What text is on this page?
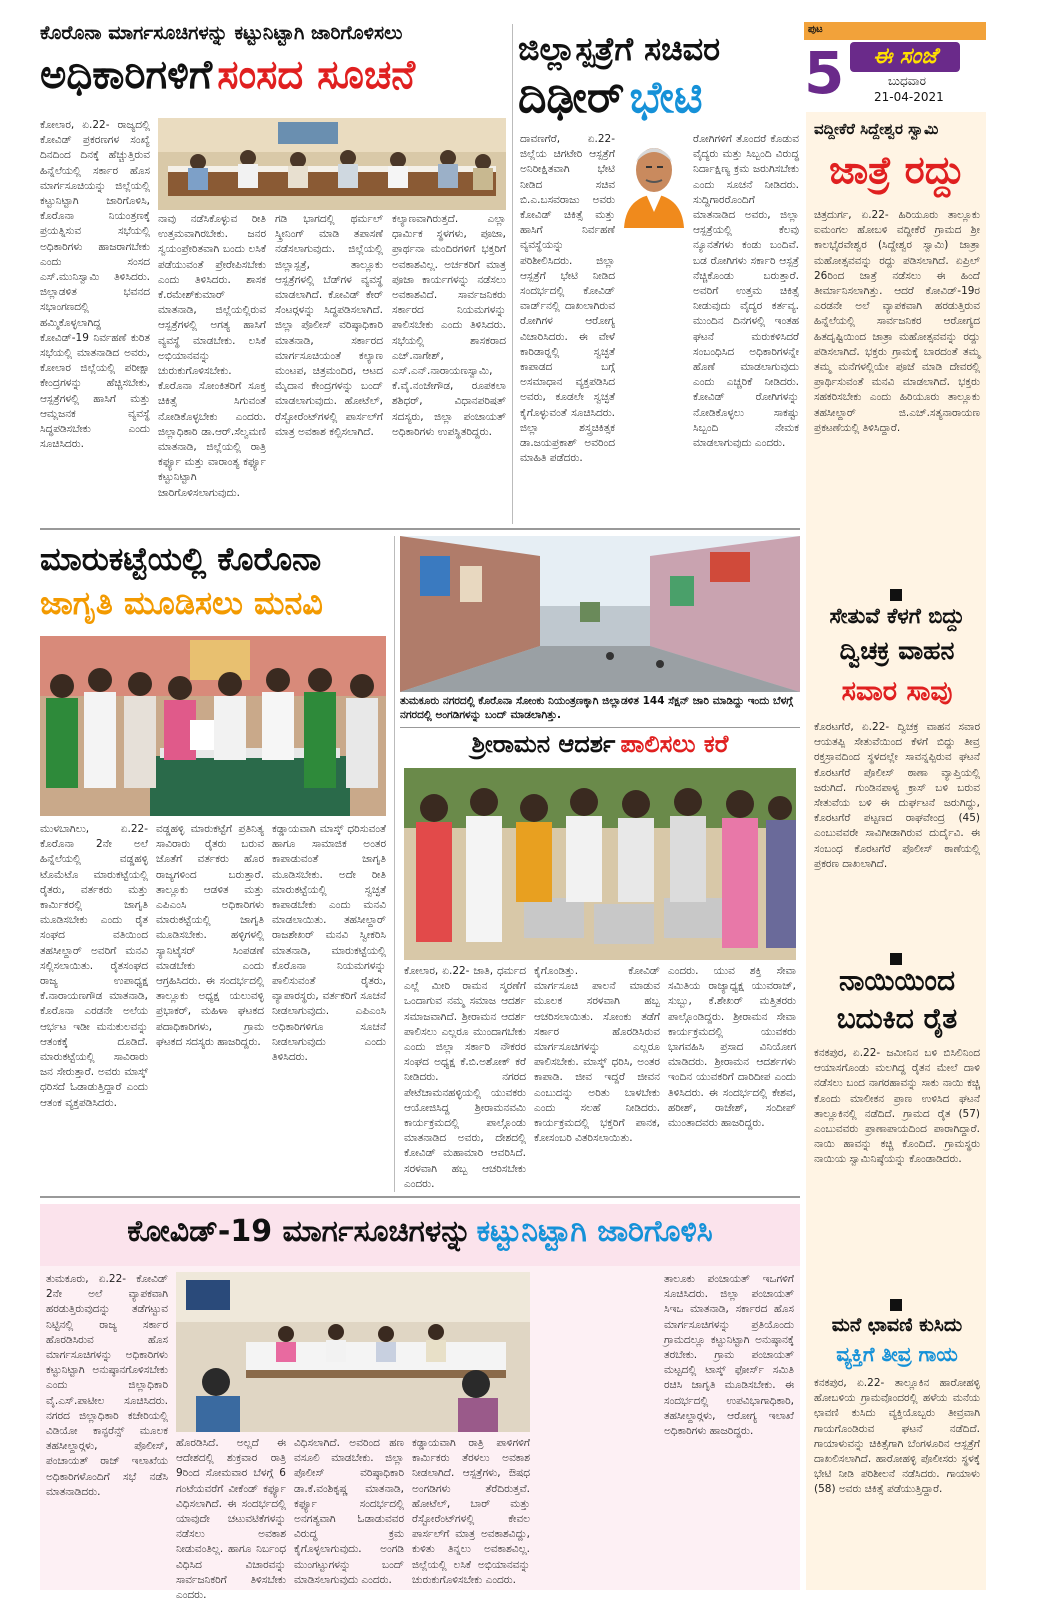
ಕೊರೊನಾ ಮಾರ್ಗಸೂಚಿಗಳನ್ನು ಕಟ್ಟುನಿಟ್ಟಾಗಿ ಜಾರಿಗೊಳಿಸಲು
ಅಧಿಕಾರಿಗಳಿಗೆ ಸಂಸದ ಸೂಚನೆ
ಕೋಲಾರ, ಏ.22- ರಾಜ್ಯದಲ್ಲಿ ಕೋವಿಡ್ ಪ್ರಕರಣಗಳ ಸಂಖ್ಯೆ ದಿನದಿಂದ ದಿನಕ್ಕೆ ಹೆಚ್ಚುತ್ತಿರುವ ಹಿನ್ನೆಲೆಯಲ್ಲಿ ಸರ್ಕಾರ ಹೊಸ ಮಾರ್ಗಸೂಚಿಯನ್ನು ಜಿಲ್ಲೆಯಲ್ಲಿ ಕಟ್ಟುನಿಟ್ಟಾಗಿ ಜಾರಿಗೊಳಿಸಿ, ಕೊರೊನಾ ನಿಯಂತ್ರಣಕ್ಕೆ ಪ್ರಯತ್ನಿಸುವ ಸಭೆಯಲ್ಲಿ ಅಧಿಕಾರಿಗಳು ಹಾಜರಾಗಬೇಕು ಎಂದು ಸಂಸದ ಎಸ್.ಮುನಿಸ್ವಾಮಿ ತಿಳಿಸಿದರು. ಜಿಲ್ಲಾಡಳಿತ ಭವನದ ಸಭಾಂಗಣದಲ್ಲಿ ಹಮ್ಮಿಕೊಳ್ಳಲಾಗಿದ್ದ ಕೋವಿಡ್-19 ನಿರ್ವಹಣೆ ಕುರಿತ ಸಭೆಯಲ್ಲಿ ಮಾತನಾಡಿದ ಅವರು, ಕೋಲಾರ ಜಿಲ್ಲೆಯಲ್ಲಿ ಪರೀಕ್ಷಾ ಕೇಂದ್ರಗಳನ್ನು ಹೆಚ್ಚಿಸಬೇಕು, ಆಸ್ಪತ್ರೆಗಳಲ್ಲಿ ಹಾಸಿಗೆ ಮತ್ತು ಆಮ್ಲಜನಕ ವ್ಯವಸ್ಥೆ ಸಿದ್ಧಪಡಿಸಬೇಕು ಎಂದು ಸೂಚಿಸಿದರು.
ನಾವು ನಡೆಸಿಕೊಳ್ಳುವ ರೀತಿ ಉತ್ತಮವಾಗಿರಬೇಕು. ಜನರ ಸ್ವಯಂಪ್ರೇರಿತವಾಗಿ ಬಂದು ಲಸಿಕೆ ಪಡೆಯುವಂತೆ ಪ್ರೇರೇಪಿಸಬೇಕು ಎಂದು ತಿಳಿಸಿದರು. ಶಾಸಕ ಕೆ.ರಮೇಶ್‍ಕುಮಾರ್ ಮಾತನಾಡಿ, ಜಿಲ್ಲೆಯಲ್ಲಿರುವ ಆಸ್ಪತ್ರೆಗಳಲ್ಲಿ ಅಗತ್ಯ ಹಾಸಿಗೆ ವ್ಯವಸ್ಥೆ ಮಾಡಬೇಕು. ಲಸಿಕೆ ಅಭಿಯಾನವನ್ನು ಚುರುಕುಗೊಳಿಸಬೇಕು. ಕೊರೊನಾ ಸೋಂಕಿತರಿಗೆ ಸೂಕ್ತ ಚಿಕಿತ್ಸೆ ಸಿಗುವಂತೆ ನೋಡಿಕೊಳ್ಳಬೇಕು ಎಂದರು. ಜಿಲ್ಲಾಧಿಕಾರಿ ಡಾ.ಆರ್.ಸೆಲ್ವಮಣಿ ಮಾತನಾಡಿ, ಜಿಲ್ಲೆಯಲ್ಲಿ ರಾತ್ರಿ ಕರ್ಫ್ಯೂ ಮತ್ತು ವಾರಾಂತ್ಯ ಕರ್ಫ್ಯೂ ಕಟ್ಟುನಿಟ್ಟಾಗಿ ಜಾರಿಗೊಳಿಸಲಾಗುವುದು.
ಗಡಿ ಭಾಗದಲ್ಲಿ ಥರ್ಮಲ್ ಸ್ಕ್ರೀನಿಂಗ್ ಮಾಡಿ ತಪಾಸಣೆ ನಡೆಸಲಾಗುವುದು. ಜಿಲ್ಲೆಯಲ್ಲಿ ಜಿಲ್ಲಾಸ್ಪತ್ರೆ, ತಾಲ್ಲೂಕು ಆಸ್ಪತ್ರೆಗಳಲ್ಲಿ ಬೆಡ್‍ಗಳ ವ್ಯವಸ್ಥೆ ಮಾಡಲಾಗಿದೆ. ಕೋವಿಡ್ ಕೇರ್ ಸೆಂಟರ್‍ಗಳನ್ನು ಸಿದ್ಧಪಡಿಸಲಾಗಿದೆ. ಜಿಲ್ಲಾ ಪೊಲೀಸ್ ವರಿಷ್ಠಾಧಿಕಾರಿ ಮಾತನಾಡಿ, ಸರ್ಕಾರದ ಮಾರ್ಗಸೂಚಿಯಂತೆ ಕಲ್ಯಾಣ ಮಂಟಪ, ಚಿತ್ರಮಂದಿರ, ಆಟದ ಮೈದಾನ ಕೇಂದ್ರಗಳನ್ನು ಬಂದ್ ಮಾಡಲಾಗುವುದು. ಹೋಟೆಲ್, ರೆಸ್ಟೋರೆಂಟ್‍ಗಳಲ್ಲಿ ಪಾರ್ಸಲ್‍ಗೆ ಮಾತ್ರ ಅವಕಾಶ ಕಲ್ಪಿಸಲಾಗಿದೆ.
ಕಲ್ಯಾಣವಾಗಿರುತ್ತದೆ. ಎಲ್ಲಾ ಧಾರ್ಮಿಕ ಸ್ಥಳಗಳು, ಪೂಜಾ, ಪ್ರಾರ್ಥನಾ ಮಂದಿರಗಳಿಗೆ ಭಕ್ತರಿಗೆ ಅವಕಾಶವಿಲ್ಲ. ಅರ್ಚಕರಿಗೆ ಮಾತ್ರ ಪೂಜಾ ಕಾರ್ಯಗಳನ್ನು ನಡೆಸಲು ಅವಕಾಶವಿದೆ. ಸಾರ್ವಜನಿಕರು ಸರ್ಕಾರದ ನಿಯಮಗಳನ್ನು ಪಾಲಿಸಬೇಕು ಎಂದು ತಿಳಿಸಿದರು. ಸಭೆಯಲ್ಲಿ ಶಾಸಕರಾದ ಎಚ್.ನಾಗೇಶ್, ಎಸ್.ಎನ್.ನಾರಾಯಣಸ್ವಾಮಿ, ಕೆ.ವೈ.ನಂಜೇಗೌಡ, ರೂಪಕಲಾ ಶಶಿಧರ್, ವಿಧಾನಪರಿಷತ್ ಸದಸ್ಯರು, ಜಿಲ್ಲಾ ಪಂಚಾಯತ್ ಅಧಿಕಾರಿಗಳು ಉಪಸ್ಥಿತರಿದ್ದರು.
ಜಿಲ್ಲಾಸ್ಪತ್ರೆಗೆ ಸಚಿವರ
ದಿಢೀರ್ ಭೇಟಿ
ದಾವಣಗೆರೆ, ಏ.22- ಜಿಲ್ಲೆಯ ಚಿಗಟೇರಿ ಆಸ್ಪತ್ರೆಗೆ ಅನಿರೀಕ್ಷಿತವಾಗಿ ಭೇಟಿ ನೀಡಿದ ಸಚಿವ ಬಿ.ಎ.ಬಸವರಾಜು ಅವರು ಕೋವಿಡ್ ಚಿಕಿತ್ಸೆ ಮತ್ತು ಹಾಸಿಗೆ ನಿರ್ವಹಣೆ ವ್ಯವಸ್ಥೆಯನ್ನು ಪರಿಶೀಲಿಸಿದರು. ಜಿಲ್ಲಾ ಆಸ್ಪತ್ರೆಗೆ ಭೇಟಿ ನೀಡಿದ ಸಂದರ್ಭದಲ್ಲಿ ಕೋವಿಡ್ ವಾರ್ಡ್‍ನಲ್ಲಿ ದಾಖಲಾಗಿರುವ ರೋಗಿಗಳ ಆರೋಗ್ಯ ವಿಚಾರಿಸಿದರು. ಈ ವೇಳೆ ಕಾರಿಡಾರ್‍ನಲ್ಲಿ ಸ್ವಚ್ಛತೆ ಕಾಪಾಡದ ಬಗ್ಗೆ ಅಸಮಾಧಾನ ವ್ಯಕ್ತಪಡಿಸಿದ ಅವರು, ಕೂಡಲೇ ಸ್ವಚ್ಛತೆ ಕೈಗೊಳ್ಳುವಂತೆ ಸೂಚಿಸಿದರು. ಜಿಲ್ಲಾ ಶಸ್ತ್ರಚಿಕಿತ್ಸಕ ಡಾ.ಜಯಪ್ರಕಾಶ್ ಅವರಿಂದ ಮಾಹಿತಿ ಪಡೆದರು.
ರೋಗಿಗಳಿಗೆ ತೊಂದರೆ ಕೊಡುವ ವೈದ್ಯರು ಮತ್ತು ಸಿಬ್ಬಂದಿ ವಿರುದ್ಧ ನಿರ್ದಾಕ್ಷಿಣ್ಯ ಕ್ರಮ ಜರುಗಿಸಬೇಕು ಎಂದು ಸೂಚನೆ ನೀಡಿದರು. ಸುದ್ದಿಗಾರರೊಂದಿಗೆ ಮಾತನಾಡಿದ ಅವರು, ಜಿಲ್ಲಾ ಆಸ್ಪತ್ರೆಯಲ್ಲಿ ಕೆಲವು ನ್ಯೂನತೆಗಳು ಕಂಡು ಬಂದಿವೆ. ಬಡ ರೋಗಿಗಳು ಸರ್ಕಾರಿ ಆಸ್ಪತ್ರೆ ನೆಚ್ಚಿಕೊಂಡು ಬರುತ್ತಾರೆ. ಅವರಿಗೆ ಉತ್ತಮ ಚಿಕಿತ್ಸೆ ನೀಡುವುದು ವೈದ್ಯರ ಕರ್ತವ್ಯ. ಮುಂದಿನ ದಿನಗಳಲ್ಲಿ ಇಂತಹ ಘಟನೆ ಮರುಕಳಿಸಿದರೆ ಸಂಬಂಧಿಸಿದ ಅಧಿಕಾರಿಗಳನ್ನೇ ಹೊಣೆ ಮಾಡಲಾಗುವುದು ಎಂದು ಎಚ್ಚರಿಕೆ ನೀಡಿದರು. ಕೋವಿಡ್ ರೋಗಿಗಳನ್ನು ನೋಡಿಕೊಳ್ಳಲು ಸಾಕಷ್ಟು ಸಿಬ್ಬಂದಿ ನೇಮಕ ಮಾಡಲಾಗುವುದು ಎಂದರು.
ಪುಟ
5	ಈ ಸಂಜೆ
ಬುಧವಾರ
21-04-2021
ವದ್ದೀಕೆರೆ ಸಿದ್ದೇಶ್ವರ ಸ್ವಾಮಿ
ಜಾತ್ರೆ ರದ್ದು
ಚಿತ್ರದುರ್ಗ, ಏ.22- ಹಿರಿಯೂರು ತಾಲ್ಲೂಕು ಐಮಂಗಲ ಹೋಬಳಿ ವದ್ದೀಕೆರೆ ಗ್ರಾಮದ ಶ್ರೀ ಕಾಲಭೈರವೇಶ್ವರ (ಸಿದ್ದೇಶ್ವರ ಸ್ವಾಮಿ) ಜಾತ್ರಾ ಮಹೋತ್ಸವವನ್ನು ರದ್ದು ಪಡಿಸಲಾಗಿದೆ. ಏಪ್ರಿಲ್ 26ರಿಂದ ಜಾತ್ರೆ ನಡೆಸಲು ಈ ಹಿಂದೆ ತೀರ್ಮಾನಿಸಲಾಗಿತ್ತು. ಆದರೆ ಕೋವಿಡ್-19ರ ಎರಡನೇ ಅಲೆ ವ್ಯಾಪಕವಾಗಿ ಹರಡುತ್ತಿರುವ ಹಿನ್ನೆಲೆಯಲ್ಲಿ ಸಾರ್ವಜನಿಕರ ಆರೋಗ್ಯದ ಹಿತದೃಷ್ಟಿಯಿಂದ ಜಾತ್ರಾ ಮಹೋತ್ಸವವನ್ನು ರದ್ದು ಪಡಿಸಲಾಗಿದೆ. ಭಕ್ತರು ಗ್ರಾಮಕ್ಕೆ ಬಾರದಂತೆ ತಮ್ಮ ತಮ್ಮ ಮನೆಗಳಲ್ಲಿಯೇ ಪೂಜೆ ಮಾಡಿ ದೇವರಲ್ಲಿ ಪ್ರಾರ್ಥಿಸುವಂತೆ ಮನವಿ ಮಾಡಲಾಗಿದೆ. ಭಕ್ತರು ಸಹಕರಿಸಬೇಕು ಎಂದು ಹಿರಿಯೂರು ತಾಲ್ಲೂಕು ತಹಸೀಲ್ದಾರ್ ಜಿ.ಎಚ್.ಸತ್ಯನಾರಾಯಣ ಪ್ರಕಟಣೆಯಲ್ಲಿ ತಿಳಿಸಿದ್ದಾರೆ.
ಸೇತುವೆ ಕೆಳಗೆ ಬಿದ್ದು
ದ್ವಿಚಕ್ರ ವಾಹನ
ಸವಾರ ಸಾವು
ಕೊರಟಗೆರೆ, ಏ.22- ದ್ವಿಚಕ್ರ ವಾಹನ ಸವಾರ ಆಯತಪ್ಪಿ ಸೇತುವೆಯಿಂದ ಕೆಳಗೆ ಬಿದ್ದು ತೀವ್ರ ರಕ್ತಸ್ರಾವದಿಂದ ಸ್ಥಳದಲ್ಲೇ ಸಾವನ್ನಪ್ಪಿರುವ ಘಟನೆ ಕೊರಟಗೆರೆ ಪೊಲೀಸ್ ಠಾಣಾ ವ್ಯಾಪ್ತಿಯಲ್ಲಿ ಜರುಗಿದೆ. ಗುಂಡಿನಪಾಳ್ಯ ಕ್ರಾಸ್ ಬಳಿ ಬರುವ ಸೇತುವೆಯ ಬಳಿ ಈ ದುರ್ಘಟನೆ ಜರುಗಿದ್ದು, ಕೊರಟಗೆರೆ ಪಟ್ಟಣದ ರಾಘವೇಂದ್ರ (45) ಎಂಬುವವರೇ ಸಾವಿಗೀಡಾಗಿರುವ ದುರ್ದೈವಿ. ಈ ಸಂಬಂಧ ಕೊರಟಗೆರೆ ಪೊಲೀಸ್ ಠಾಣೆಯಲ್ಲಿ ಪ್ರಕರಣ ದಾಖಲಾಗಿದೆ.
ನಾಯಿಯಿಂದ
ಬದುಕಿದ ರೈತ
ಕನಕಪುರ, ಏ.22- ಜಮೀನಿನ ಬಳಿ ಬಿಸಿಲಿನಿಂದ ಆಯಾಸಗೊಂಡು ಮಲಗಿದ್ದ ರೈತನ ಮೇಲೆ ದಾಳಿ ನಡೆಸಲು ಬಂದ ನಾಗರಹಾವನ್ನು ಸಾಕು ನಾಯಿ ಕಚ್ಚಿ ಕೊಂದು ಮಾಲೀಕನ ಪ್ರಾಣ ಉಳಿಸಿದ ಘಟನೆ ತಾಲ್ಲೂಕಿನಲ್ಲಿ ನಡೆದಿದೆ. ಗ್ರಾಮದ ರೈತ (57) ಎಂಬುವವರು ಪ್ರಾಣಾಪಾಯದಿಂದ ಪಾರಾಗಿದ್ದಾರೆ. ನಾಯಿ ಹಾವನ್ನು ಕಚ್ಚಿ ಕೊಂದಿದೆ. ಗ್ರಾಮಸ್ಥರು ನಾಯಿಯ ಸ್ವಾಮಿನಿಷ್ಠೆಯನ್ನು ಕೊಂಡಾಡಿದರು.
ಮನೆ ಛಾವಣಿ ಕುಸಿದು
ವ್ಯಕ್ತಿಗೆ ತೀವ್ರ ಗಾಯ
ಕನಕಪುರ, ಏ.22- ತಾಲ್ಲೂಕಿನ ಹಾರೋಹಳ್ಳಿ ಹೋಬಳಿಯ ಗ್ರಾಮವೊಂದರಲ್ಲಿ ಹಳೆಯ ಮನೆಯ ಛಾವಣಿ ಕುಸಿದು ವ್ಯಕ್ತಿಯೊಬ್ಬರು ತೀವ್ರವಾಗಿ ಗಾಯಗೊಂಡಿರುವ ಘಟನೆ ನಡೆದಿದೆ. ಗಾಯಾಳುವನ್ನು ಚಿಕಿತ್ಸೆಗಾಗಿ ಬೆಂಗಳೂರಿನ ಆಸ್ಪತ್ರೆಗೆ ದಾಖಲಿಸಲಾಗಿದೆ. ಹಾರೋಹಳ್ಳಿ ಪೊಲೀಸರು ಸ್ಥಳಕ್ಕೆ ಭೇಟಿ ನೀಡಿ ಪರಿಶೀಲನೆ ನಡೆಸಿದರು. ಗಾಯಾಳು (58) ಅವರು ಚಿಕಿತ್ಸೆ ಪಡೆಯುತ್ತಿದ್ದಾರೆ.
ಮಾರುಕಟ್ಟೆಯಲ್ಲಿ ಕೊರೊನಾ
ಜಾಗೃತಿ ಮೂಡಿಸಲು ಮನವಿ
ಮುಳಬಾಗಿಲು, ಏ.22- ಕೊರೊನಾ 2ನೇ ಅಲೆ ಹಿನ್ನೆಲೆಯಲ್ಲಿ ವಡ್ಡಹಳ್ಳಿ ಟೊಮೆಟೊ ಮಾರುಕಟ್ಟೆಯಲ್ಲಿ ರೈತರು, ವರ್ತಕರು ಮತ್ತು ಕಾರ್ಮಿಕರಲ್ಲಿ ಜಾಗೃತಿ ಮೂಡಿಸಬೇಕು ಎಂದು ರೈತ ಸಂಘದ ವತಿಯಿಂದ ತಹಸೀಲ್ದಾರ್ ಅವರಿಗೆ ಮನವಿ ಸಲ್ಲಿಸಲಾಯಿತು. ರೈತಸಂಘದ ರಾಜ್ಯ ಉಪಾಧ್ಯಕ್ಷ ಕೆ.ನಾರಾಯಣಗೌಡ ಮಾತನಾಡಿ, ಕೊರೊನಾ ಎರಡನೇ ಅಲೆಯ ಆರ್ಭಟ ಇಡೀ ಮನುಕುಲವನ್ನು ಆತಂಕಕ್ಕೆ ದೂಡಿದೆ. ಮಾರುಕಟ್ಟೆಯಲ್ಲಿ ಸಾವಿರಾರು ಜನ ಸೇರುತ್ತಾರೆ. ಅವರು ಮಾಸ್ಕ್ ಧರಿಸದೆ ಓಡಾಡುತ್ತಿದ್ದಾರೆ ಎಂದು ಆತಂಕ ವ್ಯಕ್ತಪಡಿಸಿದರು.
ವಡ್ಡಹಳ್ಳಿ ಮಾರುಕಟ್ಟೆಗೆ ಪ್ರತಿನಿತ್ಯ ಸಾವಿರಾರು ರೈತರು ಬರುವ ಜೊತೆಗೆ ವರ್ತಕರು ಹೊರ ರಾಜ್ಯಗಳಿಂದ ಬರುತ್ತಾರೆ. ತಾಲ್ಲೂಕು ಆಡಳಿತ ಮತ್ತು ಎಪಿಎಂಸಿ ಅಧಿಕಾರಿಗಳು ಮಾರುಕಟ್ಟೆಯಲ್ಲಿ ಜಾಗೃತಿ ಮೂಡಿಸಬೇಕು. ಹಳ್ಳಿಗಳಲ್ಲಿ ಸ್ಯಾನಿಟೈಸರ್ ಸಿಂಪಡಣೆ ಮಾಡಬೇಕು ಎಂದು ಆಗ್ರಹಿಸಿದರು. ಈ ಸಂದರ್ಭದಲ್ಲಿ ತಾಲ್ಲೂಕು ಅಧ್ಯಕ್ಷ ಯಲುವಳ್ಳಿ ಪ್ರಭಾಕರ್, ಮಹಿಳಾ ಘಟಕದ ಪದಾಧಿಕಾರಿಗಳು, ಗ್ರಾಮ ಘಟಕದ ಸದಸ್ಯರು ಹಾಜರಿದ್ದರು.
ಕಡ್ಡಾಯವಾಗಿ ಮಾಸ್ಕ್ ಧರಿಸುವಂತೆ ಹಾಗೂ ಸಾಮಾಜಿಕ ಅಂತರ ಕಾಪಾಡುವಂತೆ ಜಾಗೃತಿ ಮೂಡಿಸಬೇಕು. ಅದೇ ರೀತಿ ಮಾರುಕಟ್ಟೆಯಲ್ಲಿ ಸ್ವಚ್ಛತೆ ಕಾಪಾಡಬೇಕು ಎಂದು ಮನವಿ ಮಾಡಲಾಯಿತು. ತಹಸೀಲ್ದಾರ್ ರಾಜಶೇಖರ್ ಮನವಿ ಸ್ವೀಕರಿಸಿ ಮಾತನಾಡಿ, ಮಾರುಕಟ್ಟೆಯಲ್ಲಿ ಕೊರೊನಾ ನಿಯಮಗಳನ್ನು ಪಾಲಿಸುವಂತೆ ರೈತರು, ವ್ಯಾಪಾರಸ್ಥರು, ವರ್ತಕರಿಗೆ ಸೂಚನೆ ನೀಡಲಾಗುವುದು. ಎಪಿಎಂಸಿ ಅಧಿಕಾರಿಗಳಿಗೂ ಸೂಚನೆ ನೀಡಲಾಗುವುದು ಎಂದು ತಿಳಿಸಿದರು.
ತುಮಕೂರು ನಗರದಲ್ಲಿ ಕೊರೊನಾ ಸೋಂಕು ನಿಯಂತ್ರಣಕ್ಕಾಗಿ ಜಿಲ್ಲಾಡಳಿತ 144 ಸೆಕ್ಷನ್ ಜಾರಿ ಮಾಡಿದ್ದು ಇಂದು ಬೆಳಗ್ಗೆ ನಗರದಲ್ಲಿ ಅಂಗಡಿಗಳನ್ನು ಬಂದ್ ಮಾಡಲಾಗಿತ್ತು.
ಶ್ರೀರಾಮನ ಆದರ್ಶ ಪಾಲಿಸಲು ಕರೆ
ಕೋಲಾರ, ಏ.22- ಜಾತಿ, ಧರ್ಮದ ಎಲ್ಲೆ ಮೀರಿ ರಾಮನ ಸ್ಮರಣೆಗೆ ಒಂದಾಗುವ ನಮ್ಮ ಸಮಾಜ ಆದರ್ಶ ಸಮಾಜವಾಗಿದೆ. ಶ್ರೀರಾಮನ ಆದರ್ಶ ಪಾಲಿಸಲು ಎಲ್ಲರೂ ಮುಂದಾಗಬೇಕು ಎಂದು ಜಿಲ್ಲಾ ಸರ್ಕಾರಿ ನೌಕರರ ಸಂಘದ ಅಧ್ಯಕ್ಷ ಕೆ.ಬಿ.ಅಶೋಕ್ ಕರೆ ನೀಡಿದರು. ನಗರದ ಪೇಟೆಚಾಮನಹಳ್ಳಿಯಲ್ಲಿ ಯುವಕರು ಆಯೋಜಿಸಿದ್ದ ಶ್ರೀರಾಮನವಮಿ ಕಾರ್ಯಕ್ರಮದಲ್ಲಿ ಪಾಲ್ಗೊಂಡು ಮಾತನಾಡಿದ ಅವರು, ದೇಶದಲ್ಲಿ ಕೋವಿಡ್ ಮಹಾಮಾರಿ ಆವರಿಸಿದೆ. ಸರಳವಾಗಿ ಹಬ್ಬ ಆಚರಿಸಬೇಕು ಎಂದರು.
ಕೈಗೊಂಡಿತ್ತು. ಕೋವಿಡ್ ಮಾರ್ಗಸೂಚಿ ಪಾಲನೆ ಮಾಡುವ ಮೂಲಕ ಸರಳವಾಗಿ ಹಬ್ಬ ಆಚರಿಸಲಾಯಿತು. ಸೋಂಕು ತಡೆಗೆ ಸರ್ಕಾರ ಹೊರಡಿಸಿರುವ ಮಾರ್ಗಸೂಚಿಗಳನ್ನು ಎಲ್ಲರೂ ಪಾಲಿಸಬೇಕು. ಮಾಸ್ಕ್ ಧರಿಸಿ, ಅಂತರ ಕಾಪಾಡಿ. ಜೀವ ಇದ್ದರೆ ಜೀವನ ಎಂಬುದನ್ನು ಅರಿತು ಬಾಳಬೇಕು ಎಂದು ಸಲಹೆ ನೀಡಿದರು. ಕಾರ್ಯಕ್ರಮದಲ್ಲಿ ಭಕ್ತರಿಗೆ ಪಾನಕ, ಕೋಸಂಬರಿ ವಿತರಿಸಲಾಯಿತು.
ಎಂದರು. ಯುವ ಶಕ್ತಿ ಸೇವಾ ಸಮಿತಿಯ ರಾಜ್ಯಾಧ್ಯಕ್ಷ ಯುವರಾಜ್, ಸುಬ್ಬು, ಕೆ.ಶೇಖರ್ ಮತ್ತಿತರರು ಪಾಲ್ಗೊಂಡಿದ್ದರು. ಶ್ರೀರಾಮನ ಸೇವಾ ಕಾರ್ಯಕ್ರಮದಲ್ಲಿ ಯುವಕರು ಭಾಗವಹಿಸಿ ಪ್ರಸಾದ ವಿನಿಯೋಗ ಮಾಡಿದರು. ಶ್ರೀರಾಮನ ಆದರ್ಶಗಳು ಇಂದಿನ ಯುವಕರಿಗೆ ದಾರಿದೀಪ ಎಂದು ತಿಳಿಸಿದರು. ಈ ಸಂದರ್ಭದಲ್ಲಿ ಕೇಶವ, ಹರೀಶ್, ರಾಜೇಶ್, ಸಂದೀಪ್ ಮುಂತಾದವರು ಹಾಜರಿದ್ದರು.
ಕೋವಿಡ್-19 ಮಾರ್ಗಸೂಚಿಗಳನ್ನು ಕಟ್ಟುನಿಟ್ಟಾಗಿ ಜಾರಿಗೊಳಿಸಿ
ತುಮಕೂರು, ಏ.22- ಕೋವಿಡ್ 2ನೇ ಅಲೆ ವ್ಯಾಪಕವಾಗಿ ಹರಡುತ್ತಿರುವುದನ್ನು ತಡೆಗಟ್ಟುವ ನಿಟ್ಟಿನಲ್ಲಿ ರಾಜ್ಯ ಸರ್ಕಾರ ಹೊರಡಿಸಿರುವ ಹೊಸ ಮಾರ್ಗಸೂಚಿಗಳನ್ನು ಅಧಿಕಾರಿಗಳು ಕಟ್ಟುನಿಟ್ಟಾಗಿ ಅನುಷ್ಠಾನಗೊಳಿಸಬೇಕು ಎಂದು ಜಿಲ್ಲಾಧಿಕಾರಿ ವೈ.ಎಸ್.ಪಾಟೀಲ ಸೂಚಿಸಿದರು. ನಗರದ ಜಿಲ್ಲಾಧಿಕಾರಿ ಕಚೇರಿಯಲ್ಲಿ ವಿಡಿಯೋ ಕಾನ್ಫರೆನ್ಸ್ ಮೂಲಕ ತಹಸೀಲ್ದಾರ್‍ಗಳು, ಪೊಲೀಸ್, ಪಂಚಾಯತ್ ರಾಜ್ ಇಲಾಖೆಯ ಅಧಿಕಾರಿಗಳೊಂದಿಗೆ ಸಭೆ ನಡೆಸಿ ಮಾತನಾಡಿದರು.
ಹೊರಡಿಸಿದೆ. ಅಲ್ಲದೆ ಈ ಆದೇಶದಲ್ಲಿ ಶುಕ್ರವಾರ ರಾತ್ರಿ 9ರಿಂದ ಸೋಮವಾರ ಬೆಳಗ್ಗೆ 6 ಗಂಟೆಯವರೆಗೆ ವೀಕೆಂಡ್ ಕರ್ಫ್ಯೂ ವಿಧಿಸಲಾಗಿದೆ. ಈ ಸಂದರ್ಭದಲ್ಲಿ ಯಾವುದೇ ಚಟುವಟಿಕೆಗಳನ್ನು ನಡೆಸಲು ಅವಕಾಶ ನೀಡುವಂತಿಲ್ಲ. ಹಾಗೂ ನಿರ್ಬಂಧ ವಿಧಿಸಿದ ವಿಚಾರವನ್ನು ಸಾರ್ವಜನಿಕರಿಗೆ ತಿಳಿಸಬೇಕು ಎಂದರು.
ವಿಧಿಸಲಾಗಿದೆ. ಅವರಿಂದ ಹಣ ವಸೂಲಿ ಮಾಡಬೇಕು. ಜಿಲ್ಲಾ ಪೊಲೀಸ್ ವರಿಷ್ಠಾಧಿಕಾರಿ ಡಾ.ಕೆ.ವಂಶಿಕೃಷ್ಣ ಮಾತನಾಡಿ, ಕರ್ಫ್ಯೂ ಸಂದರ್ಭದಲ್ಲಿ ಅನಗತ್ಯವಾಗಿ ಓಡಾಡುವವರ ವಿರುದ್ಧ ಕ್ರಮ ಕೈಗೊಳ್ಳಲಾಗುವುದು. ಅಂಗಡಿ ಮುಂಗಟ್ಟುಗಳನ್ನು ಬಂದ್ ಮಾಡಿಸಲಾಗುವುದು ಎಂದರು.
ಕಡ್ಡಾಯವಾಗಿ ರಾತ್ರಿ ಪಾಳಿಗಳಿಗೆ ಕಾರ್ಮಿಕರು ತೆರಳಲು ಅವಕಾಶ ನೀಡಲಾಗಿದೆ. ಆಸ್ಪತ್ರೆಗಳು, ಔಷಧ ಅಂಗಡಿಗಳು ತೆರೆದಿರುತ್ತವೆ. ಹೋಟೆಲ್, ಬಾರ್ ಮತ್ತು ರೆಸ್ಟೋರೆಂಟ್‍ಗಳಲ್ಲಿ ಕೇವಲ ಪಾರ್ಸಲ್‍ಗೆ ಮಾತ್ರ ಅವಕಾಶವಿದ್ದು, ಕುಳಿತು ತಿನ್ನಲು ಅವಕಾಶವಿಲ್ಲ. ಜಿಲ್ಲೆಯಲ್ಲಿ ಲಸಿಕೆ ಅಭಿಯಾನವನ್ನು ಚುರುಕುಗೊಳಿಸಬೇಕು ಎಂದರು.
ತಾಲೂಕು ಪಂಚಾಯತ್ ಇಒಗಳಿಗೆ ಸೂಚಿಸಿದರು. ಜಿಲ್ಲಾ ಪಂಚಾಯತ್ ಸಿಇಒ ಮಾತನಾಡಿ, ಸರ್ಕಾರದ ಹೊಸ ಮಾರ್ಗಸೂಚಿಗಳನ್ನು ಪ್ರತಿಯೊಂದು ಗ್ರಾಮದಲ್ಲೂ ಕಟ್ಟುನಿಟ್ಟಾಗಿ ಅನುಷ್ಠಾನಕ್ಕೆ ತರಬೇಕು. ಗ್ರಾಮ ಪಂಚಾಯತ್ ಮಟ್ಟದಲ್ಲಿ ಟಾಸ್ಕ್ ಫೋರ್ಸ್ ಸಮಿತಿ ರಚಿಸಿ ಜಾಗೃತಿ ಮೂಡಿಸಬೇಕು. ಈ ಸಂದರ್ಭದಲ್ಲಿ ಉಪವಿಭಾಗಾಧಿಕಾರಿ, ತಹಸೀಲ್ದಾರ್‍ಗಳು, ಆರೋಗ್ಯ ಇಲಾಖೆ ಅಧಿಕಾರಿಗಳು ಹಾಜರಿದ್ದರು.
